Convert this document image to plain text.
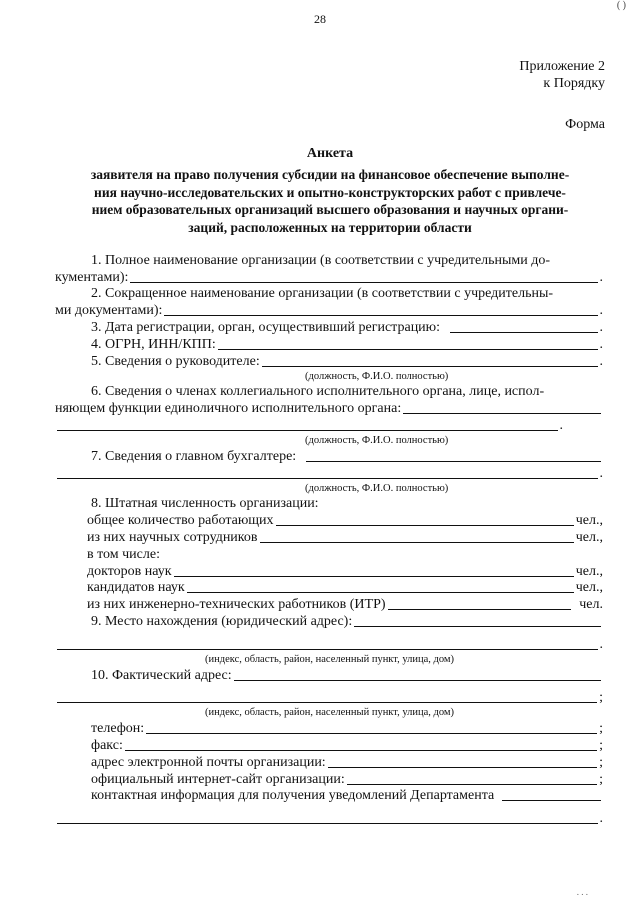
28
( )
Приложение 2
к Порядку
Форма
Анкета
заявителя на право получения субсидии на финансовое обеспечение выполне-
ния научно-исследовательских и опытно-конструкторских работ с привлече-
нием образовательных организаций высшего образования и научных органи-
заций, расположенных на территории области
1. Полное наименование организации (в соответствии с учредительными до-
кументами):	.
2. Сокращенное наименование организации (в соответствии с учредительны-
ми документами):	.
3. Дата регистрации, орган, осуществивший регистрацию:	.
4. ОГРН, ИНН/КПП:	.
5. Сведения о руководителе:	.
(должность, Ф.И.О. полностью)
6. Сведения о членах коллегиального исполнительного органа, лице, испол-
няющем функции единоличного исполнительного органа:
.
(должность, Ф.И.О. полностью)
7. Сведения о главном бухгалтере:
.
(должность, Ф.И.О. полностью)
8. Штатная численность организации:
общее количество работающих	чел. ,
из них научных сотрудников	чел. ,
в том числе:
докторов наук	чел. ,
кандидатов наук	чел. ,
из них инженерно-технических работников (ИТР)	чел.
9. Место нахождения (юридический адрес):
.
(индекс, область, район, населенный пункт, улица, дом)
10. Фактический адрес:
;
(индекс, область, район, населенный пункт, улица, дом)
телефон:	;
факс:	;
адрес электронной почты организации:	;
официальный интернет-сайт организации:	;
контактная информация для получения уведомлений Департамента
.
. . .
